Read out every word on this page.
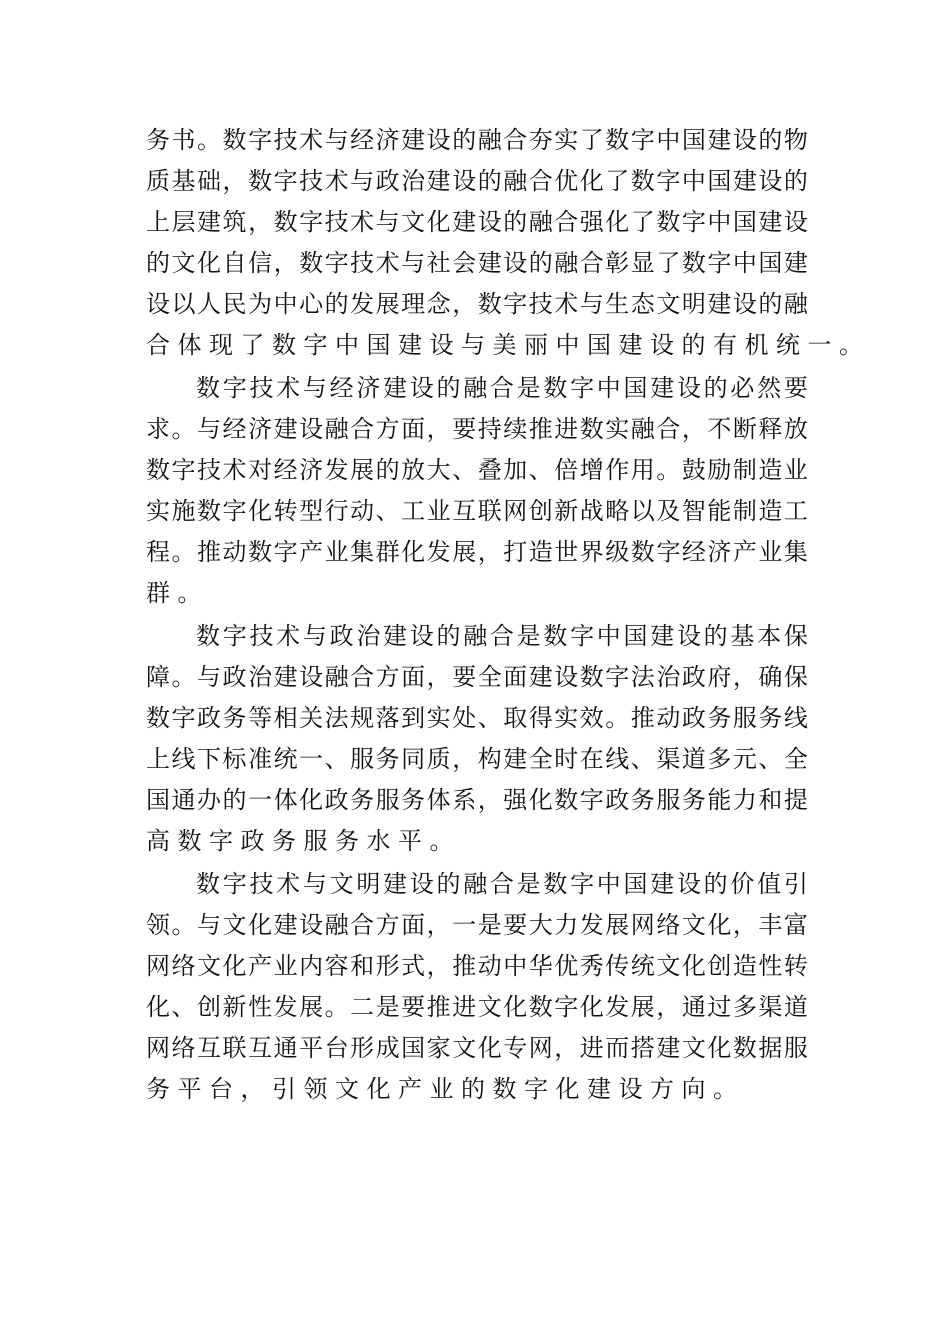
务 书 。 数 字 技 术 与 经 济 建 设 的 融 合 夯 实 了 数 字 中 国 建 设 的 物
质 基 础 ， 数 字 技 术 与 政 治 建 设 的 融 合 优 化 了 数 字 中 国 建 设 的
上 层 建 筑 ， 数 字 技 术 与 文 化 建 设 的 融 合 强 化 了 数 字 中 国 建 设
的 文 化 自 信 ， 数 字 技 术 与 社 会 建 设 的 融 合 彰 显 了 数 字 中 国 建
设 以 人 民 为 中 心 的 发 展 理 念 ， 数 字 技 术 与 生 态 文 明 建 设 的 融
合 体 现 了 数 字 中 国 建 设 与 美 丽 中 国 建 设 的 有 机 统 一 。
数 字 技 术 与 经 济 建 设 的 融 合 是 数 字 中 国 建 设 的 必 然 要
求 。 与 经 济 建 设 融 合 方 面 ， 要 持 续 推 进 数 实 融 合 ， 不 断 释 放
数 字 技 术 对 经 济 发 展 的 放 大 、 叠 加 、 倍 增 作 用 。 鼓 励 制 造 业
实 施 数 字 化 转 型 行 动 、 工 业 互 联 网 创 新 战 略 以 及 智 能 制 造 工
程 。 推 动 数 字 产 业 集 群 化 发 展 ， 打 造 世 界 级 数 字 经 济 产 业 集
群 。
数 字 技 术 与 政 治 建 设 的 融 合 是 数 字 中 国 建 设 的 基 本 保
障 。 与 政 治 建 设 融 合 方 面 ， 要 全 面 建 设 数 字 法 治 政 府 ， 确 保
数 字 政 务 等 相 关 法 规 落 到 实 处 、 取 得 实 效 。 推 动 政 务 服 务 线
上 线 下 标 准 统 一 、 服 务 同 质 ， 构 建 全 时 在 线 、 渠 道 多 元 、 全
国 通 办 的 一 体 化 政 务 服 务 体 系 ， 强 化 数 字 政 务 服 务 能 力 和 提
高 数 字 政 务 服 务 水 平 。
数 字 技 术 与 文 明 建 设 的 融 合 是 数 字 中 国 建 设 的 价 值 引
领 。 与 文 化 建 设 融 合 方 面 ， 一 是 要 大 力 发 展 网 络 文 化 ， 丰 富
网 络 文 化 产 业 内 容 和 形 式 ， 推 动 中 华 优 秀 传 统 文 化 创 造 性 转
化 、 创 新 性 发 展 。 二 是 要 推 进 文 化 数 字 化 发 展 ， 通 过 多 渠 道
网 络 互 联 互 通 平 台 形 成 国 家 文 化 专 网 ， 进 而 搭 建 文 化 数 据 服
务 平 台 ， 引 领 文 化 产 业 的 数 字 化 建 设 方 向 。
